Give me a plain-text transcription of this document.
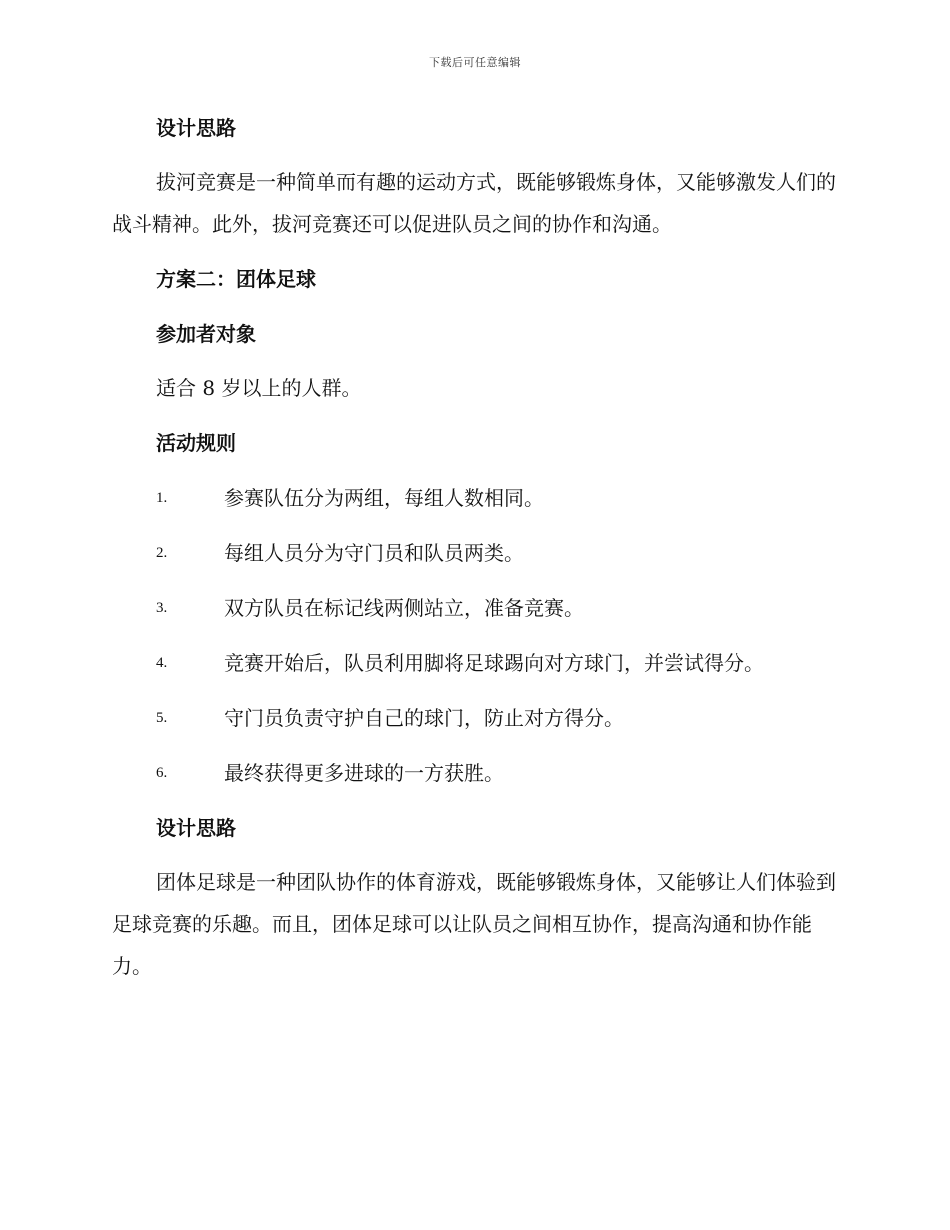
下载后可任意编辑
设计思路

拔河竞赛是一种简单而有趣的运动方式，既能够锻炼身体，又能够激发人们的战斗精神。此外，拔河竞赛还可以促进队员之间的协作和沟通。

方案二：团体足球
参加者对象
适合 8 岁以上的人群。
活动规则
1.	参赛队伍分为两组，每组人数相同。
2.	每组人员分为守门员和队员两类。
3.	双方队员在标记线两侧站立，准备竞赛。
4.	竞赛开始后，队员利用脚将足球踢向对方球门，并尝试得分。
5.	守门员负责守护自己的球门，防止对方得分。
6.	最终获得更多进球的一方获胜。
设计思路

团体足球是一种团队协作的体育游戏，既能够锻炼身体，又能够让人们体验到足球竞赛的乐趣。而且，团体足球可以让队员之间相互协作，提高沟通和协作能力。
